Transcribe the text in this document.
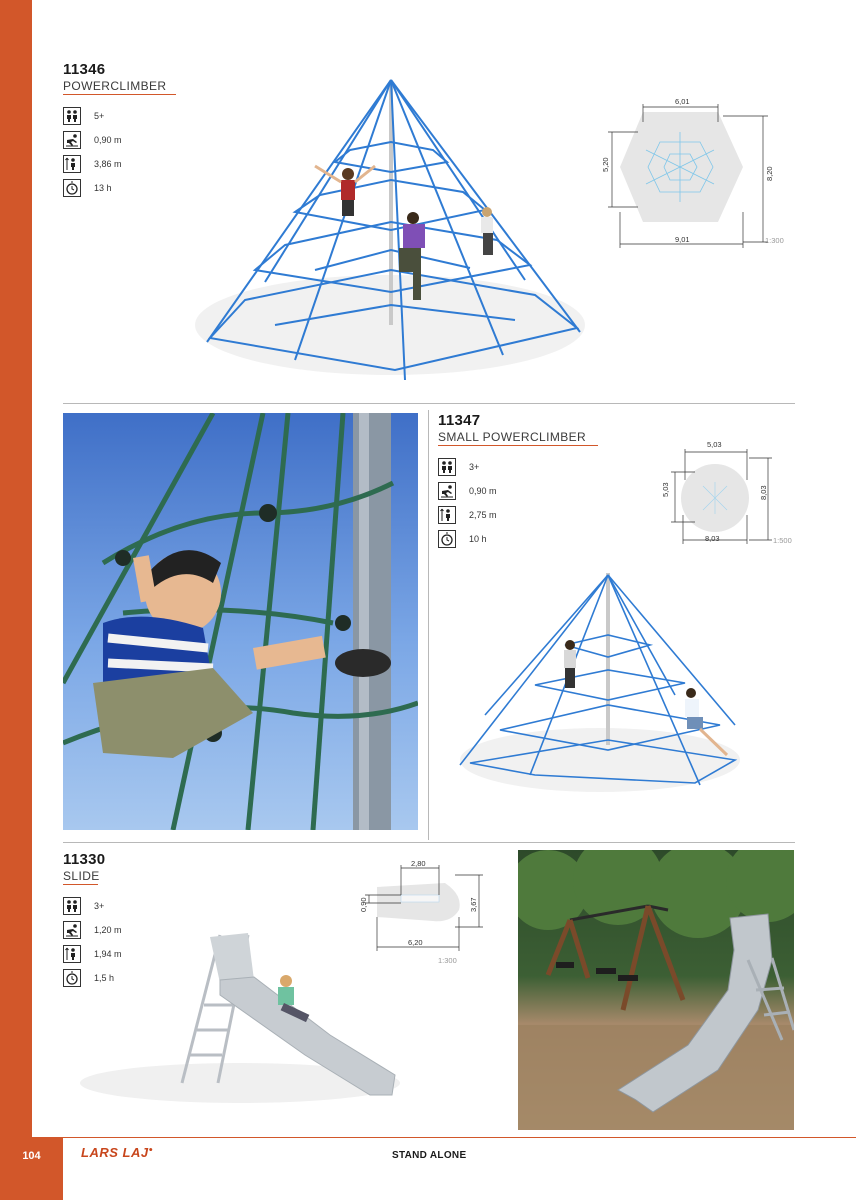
104	LARS LAJ●	STAND ALONE
11346
POWERCLIMBER
5+
0,90 m
3,86 m
13 h
6,01
5,20
8,20
9,01	1:300
11347
SMALL POWERCLIMBER
3+
0,90 m
2,75 m
10 h
5,03
5,03	8,03
8,03	1:500
11330
SLIDE
3+
1,20 m
1,94 m
1,5 h
2,80
0,90	3,67
6,20
1:300
